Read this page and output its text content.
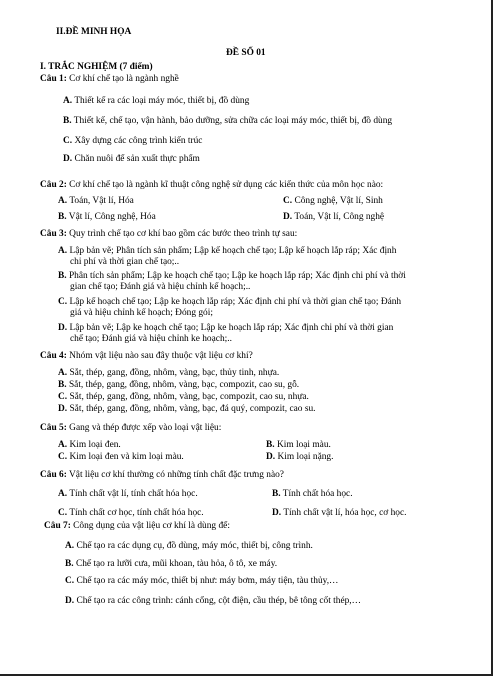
II.ĐỀ MINH HỌA
ĐỀ SỐ 01
I. TRẮC NGHIỆM (7 điểm)
Câu 1: Cơ khí chế tạo là ngành nghề
A. Thiết kế ra các loại máy móc, thiết bị, đồ dùng
B. Thiết kế, chế tạo, vận hành, bảo dưỡng, sửa chữa các loại máy móc, thiết bị, đồ dùng
C. Xây dựng các công trình kiến trúc
D. Chăn nuôi để sản xuất thực phẩm
Câu 2: Cơ khí chế tạo là ngành kĩ thuật công nghệ sử dụng các kiến thức của môn học nào:
A. Toán, Vật lí, Hóa	C. Công nghệ, Vật lí, Sinh
B. Vật lí, Công nghệ, Hóa	D. Toán, Vật lí, Công nghệ
Câu 3: Quy trình chế tạo cơ khí bao gồm các bước theo trình tự sau:
A. Lập bản vẽ; Phân tích sản phẩm; Lập kế hoạch chế tạo; Lập kế hoạch lắp ráp; Xác định
chi phí và thời gian chế tạo;..
B. Phân tích sản phẩm; Lập ke hoạch chế tạo; Lập ke hoạch lắp ráp; Xác định chi phí và thời
gian chế tạo; Đánh giá và hiệu chỉnh kế hoạch;..
C. Lập kế hoạch chế tạo; Lập ke hoạch lắp ráp; Xác định chi phí và thời gian chế tạo; Đánh
giá và hiệu chỉnh kế hoạch; Đóng gói;
D. Lập bản vẽ; Lập ke hoạch chế tạo; Lập ke hoạch lắp ráp; Xác định chi phí và thời gian
chế tạo; Đánh giá và hiệu chỉnh ke hoạch;..
Câu 4: Nhóm vật liệu nào sau đây thuộc vật liệu cơ khí?
A. Sắt, thép, gang, đồng, nhôm, vàng, bạc, thủy tinh, nhựa.
B. Sắt, thép, gang, đồng, nhôm, vàng, bạc, compozit, cao su, gỗ.
C. Sắt, thép, gang, đồng, nhôm, vàng, bạc, compozit, cao su, nhựa.
D. Sắt, thép, gang, đồng, nhôm, vàng, bạc, đá quý, compozit, cao su.
Câu 5: Gang và thép được xếp vào loại vật liệu:
A. Kim loại đen.	B. Kim loại màu.
C. Kim loại đen và kim loại màu.	D. Kim loại nặng.
Câu 6: Vật liệu cơ khí thường có những tính chất đặc trưng nào?
A. Tính chất vật lí, tính chất hóa học.	B. Tính chất hóa học.
C. Tính chất cơ học, tính chất hóa học.	D. Tính chất vật lí, hóa học, cơ học.
Câu 7: Công dụng của vật liệu cơ khí là dùng để:
A. Chế tạo ra các dụng cụ, đồ dùng, máy móc, thiết bị, công trình.
B. Chế tạo ra lưỡi cưa, mũi khoan, tàu hỏa, ô tô, xe máy.
C. Chế tạo ra các máy móc, thiết bị như: máy bơm, máy tiện, tàu thủy,…
D. Chế tạo ra các công trình: cánh cổng, cột điện, cầu thép, bê tông cốt thép,…
